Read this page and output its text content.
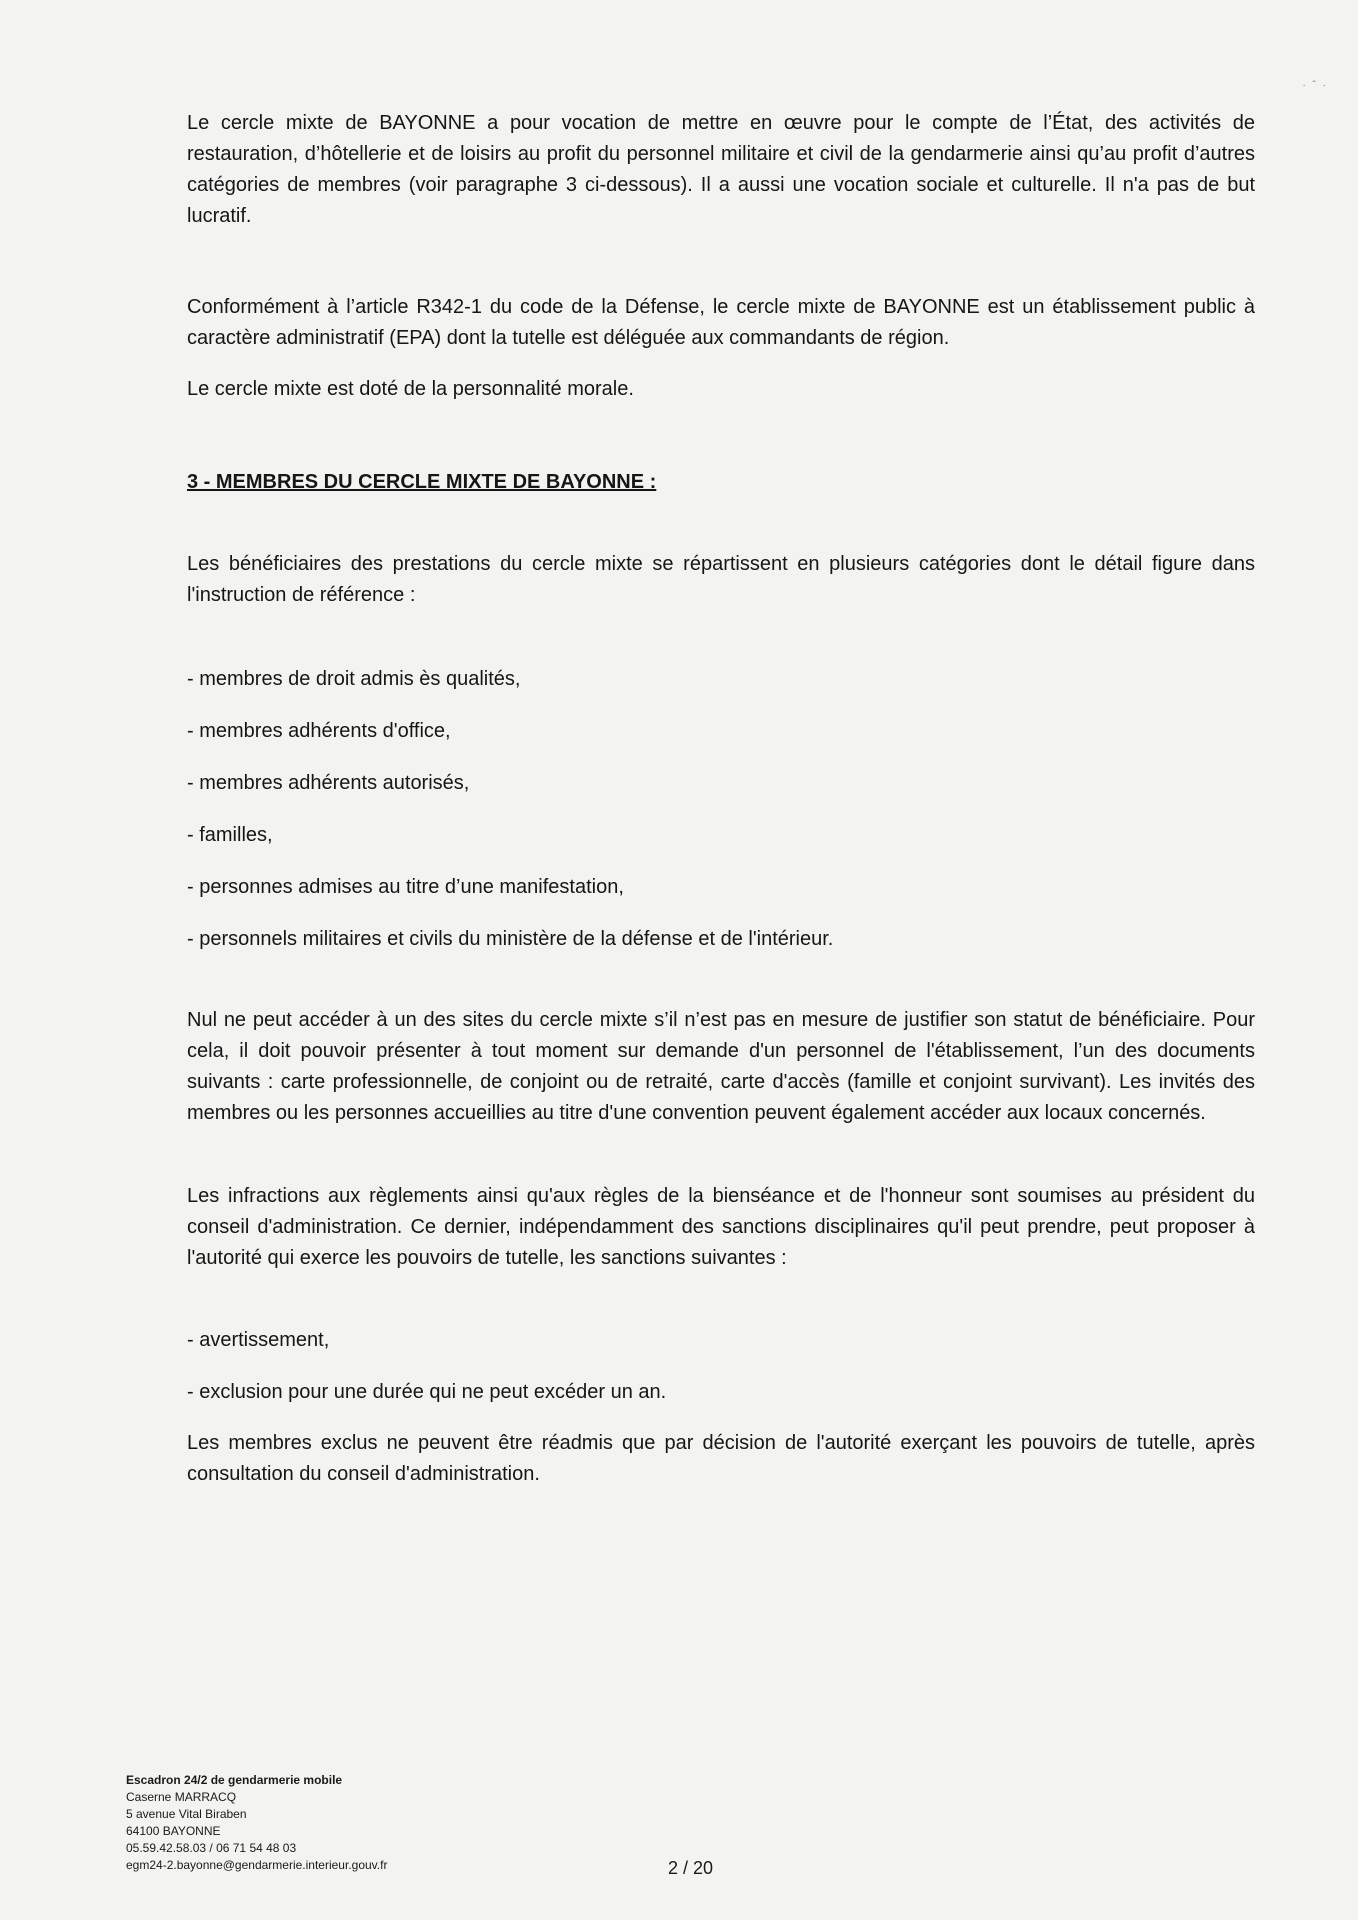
· ˆ ·

Le cercle mixte de BAYONNE a pour vocation de mettre en œuvre pour le compte de l’État, des activités de restauration, d’hôtellerie et de loisirs au profit du personnel militaire et civil de la gendarmerie ainsi qu’au profit d’autres catégories de membres (voir paragraphe 3 ci-dessous). Il a aussi une vocation sociale et culturelle. Il n'a pas de but lucratif.

Conformément à l’article R342-1 du code de la Défense, le cercle mixte de BAYONNE est un établissement public à caractère administratif (EPA) dont la tutelle est déléguée aux commandants de région.

Le cercle mixte est doté de la personnalité morale.

3 - MEMBRES DU CERCLE MIXTE DE BAYONNE :

Les bénéficiaires des prestations du cercle mixte se répartissent en plusieurs catégories dont le détail figure dans l'instruction de référence :

- membres de droit admis ès qualités,
- membres adhérents d'office,
- membres adhérents autorisés,
- familles,
- personnes admises au titre d’une manifestation,
- personnels militaires et civils du ministère de la défense et de l'intérieur.

Nul ne peut accéder à un des sites du cercle mixte s’il n’est pas en mesure de justifier son statut de bénéficiaire. Pour cela, il doit pouvoir présenter à tout moment sur demande d'un personnel de l'établissement, l’un des documents suivants : carte professionnelle, de conjoint ou de retraité, carte d'accès (famille et conjoint survivant). Les invités des membres ou les personnes accueillies au titre d'une convention peuvent également accéder aux locaux concernés.

Les infractions aux règlements ainsi qu'aux règles de la bienséance et de l'honneur sont soumises au président du conseil d'administration. Ce dernier, indépendamment des sanctions disciplinaires qu'il peut prendre, peut proposer à l'autorité qui exerce les pouvoirs de tutelle, les sanctions suivantes :

- avertissement,
- exclusion pour une durée qui ne peut excéder un an.

Les membres exclus ne peuvent être réadmis que par décision de l'autorité exerçant les pouvoirs de tutelle, après consultation du conseil d'administration.

Escadron 24/2 de gendarmerie mobile
Caserne MARRACQ
5 avenue Vital Biraben
64100 BAYONNE
05.59.42.58.03 / 06 71 54 48 03
egm24-2.bayonne@gendarmerie.interieur.gouv.fr	2 / 20
